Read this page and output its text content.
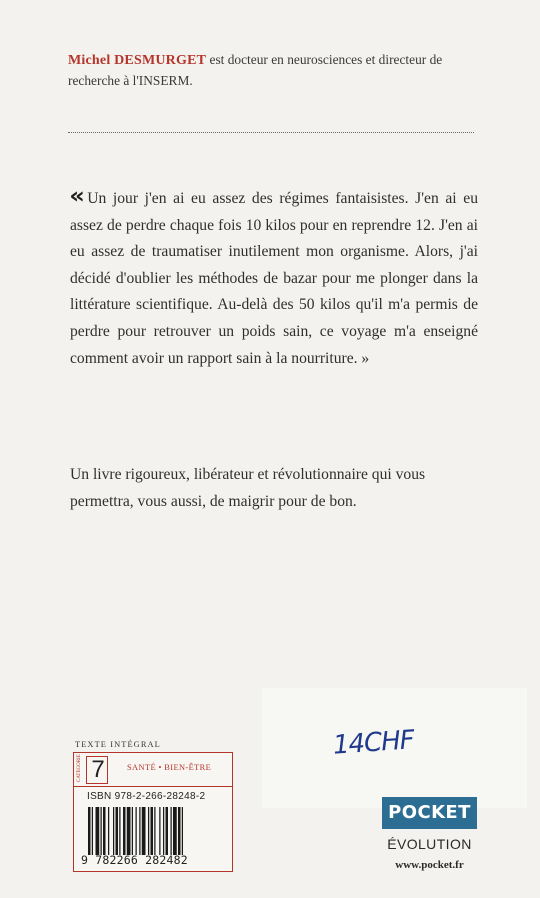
Michel DESMURGET est docteur en neurosciences et directeur de recherche à l'INSERM.
« Un jour j'en ai eu assez des régimes fantaisistes. J'en ai eu assez de perdre chaque fois 10 kilos pour en reprendre 12. J'en ai eu assez de traumatiser inutilement mon organisme. Alors, j'ai décidé d'oublier les méthodes de bazar pour me plonger dans la littérature scientifique. Au-delà des 50 kilos qu'il m'a permis de perdre pour retrouver un poids sain, ce voyage m'a enseigné comment avoir un rapport sain à la nourriture. »
Un livre rigoureux, libérateur et révolutionnaire qui vous permettra, vous aussi, de maigrir pour de bon.
14CHF
TEXTE INTÉGRAL
CATÉGORIE 7	SANTÉ • BIEN-ÊTRE
ISBN 978-2-266-28248-2
9 782266 282482
POCKET
ÉVOLUTION
www.pocket.fr
